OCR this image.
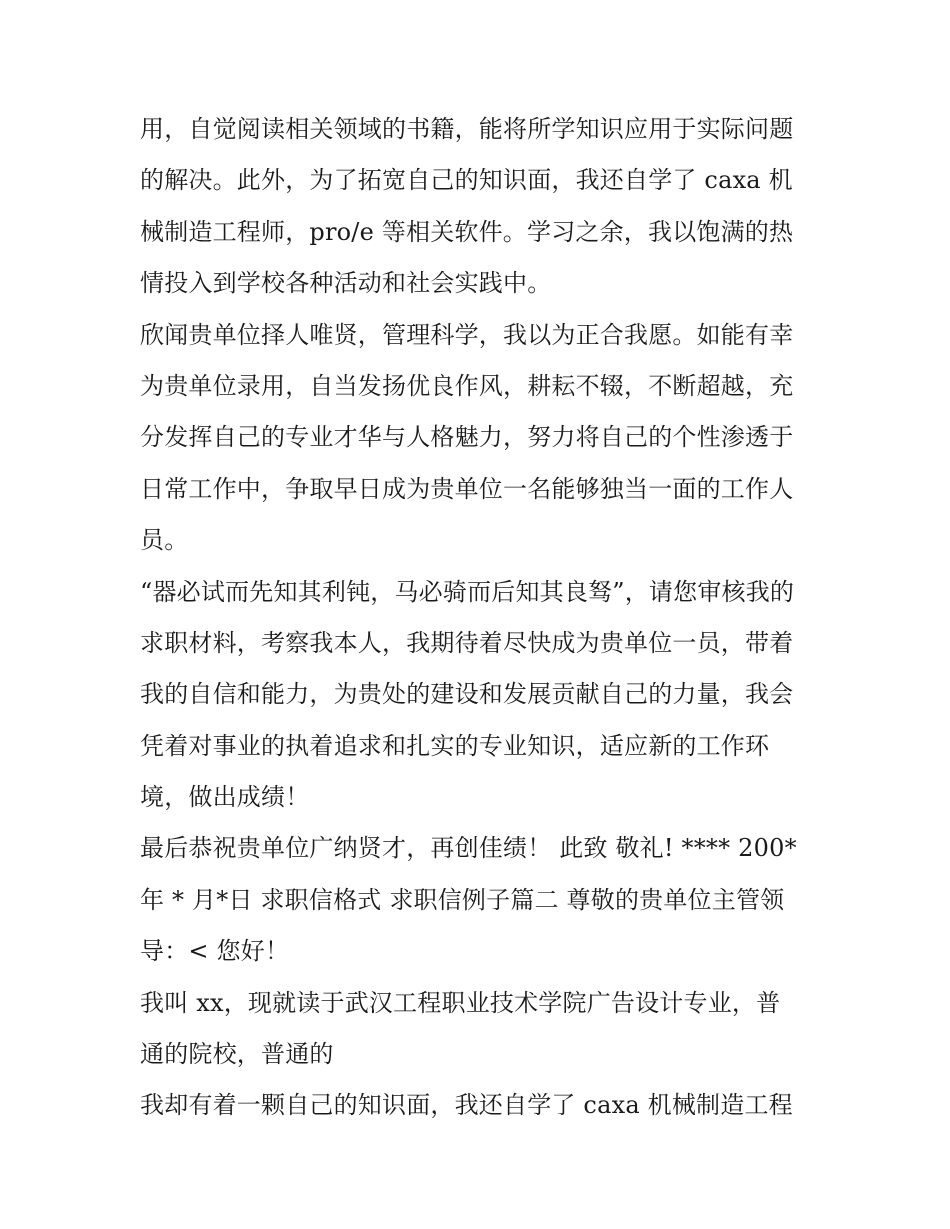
用，自觉阅读相关领域的书籍，能将所学知识应用于实际问题
的解决。此外，为了拓宽自己的知识面，我还自学了 caxa 机
械制造工程师，pro/e 等相关软件。学习之余，我以饱满的热
情投入到学校各种活动和社会实践中。
欣闻贵单位择人唯贤，管理科学，我以为正合我愿。如能有幸
为贵单位录用，自当发扬优良作风，耕耘不辍，不断超越，充
分发挥自己的专业才华与人格魅力，努力将自己的个性渗透于
日常工作中，争取早日成为贵单位一名能够独当一面的工作人
员。
“器必试而先知其利钝，马必骑而后知其良驽”，请您审核我的
求职材料，考察我本人，我期待着尽快成为贵单位一员，带着
我的自信和能力，为贵处的建设和发展贡献自己的力量，我会
凭着对事业的执着追求和扎实的专业知识，适应新的工作环
境，做出成绩！
最后恭祝贵单位广纳贤才，再创佳绩！ 此致 敬礼! **** 200*
年 * 月*日 求职信格式 求职信例子篇二 尊敬的贵单位主管领
导：< 您好！
我叫 xx，现就读于武汉工程职业技术学院广告设计专业，普
通的院校，普通的
我却有着一颗自己的知识面，我还自学了 caxa 机械制造工程
